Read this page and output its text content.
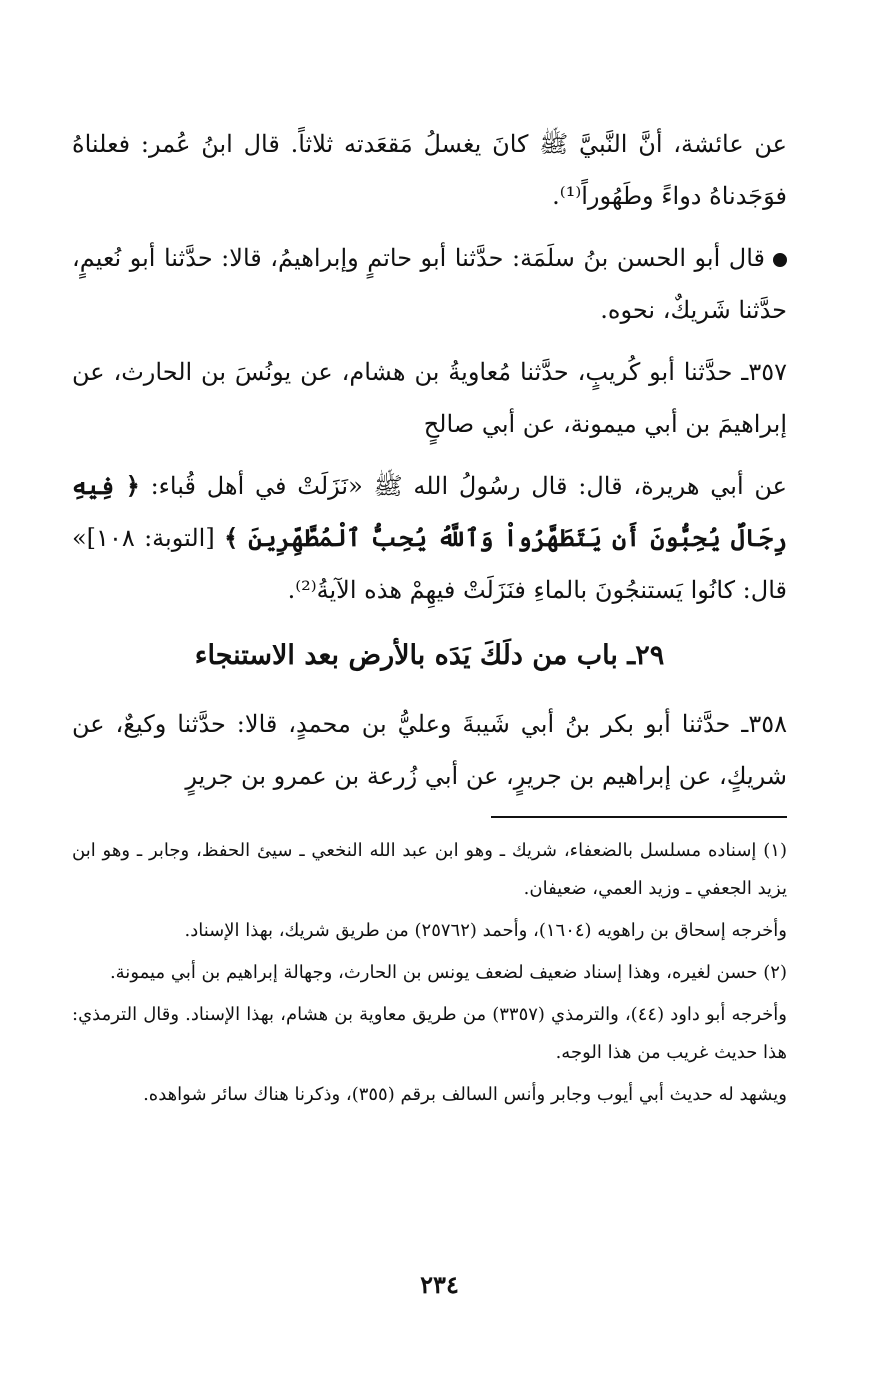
عن عائشة، أنَّ النَّبيَّ ﷺ كانَ يغسلُ مَقعَدته ثلاثاً. قال ابنُ عُمر: فعلناهُ فوَجَدناهُ دواءً وطَهُوراً⁽¹⁾.

قال أبو الحسن بنُ سلَمَة: حدَّثنا أبو حاتمٍ وإبراهيمُ، قالا: حدَّثنا أبو نُعيمٍ، حدَّثنا شَريكٌ، نحوه.

٣٥٧ـ حدَّثنا أبو كُريبٍ، حدَّثنا مُعاويةُ بن هشام، عن يونُسَ بن الحارث، عن إبراهيمَ بن أبي ميمونة، عن أبي صالحٍ

عن أبي هريرة، قال: قال رسُولُ الله ﷺ «نَزَلَتْ في أهل قُباء: ﴿ فِيهِ رِجَالٌ يُحِبُّونَ أَن يَتَطَهَّرُواْ وَٱللَّهُ يُحِبُّ ٱلْمُطَّهِّرِينَ ﴾ [التوبة: ١٠٨]» قال: كانُوا يَستنجُونَ بالماءِ فنَزَلَتْ فيهِمْ هذه الآيةُ⁽²⁾.

٢٩ـ باب من دلَكَ يَدَه بالأرض بعد الاستنجاء

٣٥٨ـ حدَّثنا أبو بكر بنُ أبي شَيبةَ وعليُّ بن محمدٍ، قالا: حدَّثنا وكيعٌ، عن شريكٍ، عن إبراهيم بن جريرٍ، عن أبي زُرعة بن عمرو بن جريرٍ

(١) إسناده مسلسل بالضعفاء، شريك ـ وهو ابن عبد الله النخعي ـ سيئ الحفظ، وجابر ـ وهو ابن يزيد الجعفي ـ وزيد العمي، ضعيفان.

وأخرجه إسحاق بن راهويه (١٦٠٤)، وأحمد (٢٥٧٦٢) من طريق شريك، بهذا الإسناد.

(٢) حسن لغيره، وهذا إسناد ضعيف لضعف يونس بن الحارث، وجهالة إبراهيم بن أبي ميمونة.

وأخرجه أبو داود (٤٤)، والترمذي (٣٣٥٧) من طريق معاوية بن هشام، بهذا الإسناد. وقال الترمذي: هذا حديث غريب من هذا الوجه.

ويشهد له حديث أبي أيوب وجابر وأنس السالف برقم (٣٥٥)، وذكرنا هناك سائر شواهده.

٢٣٤
